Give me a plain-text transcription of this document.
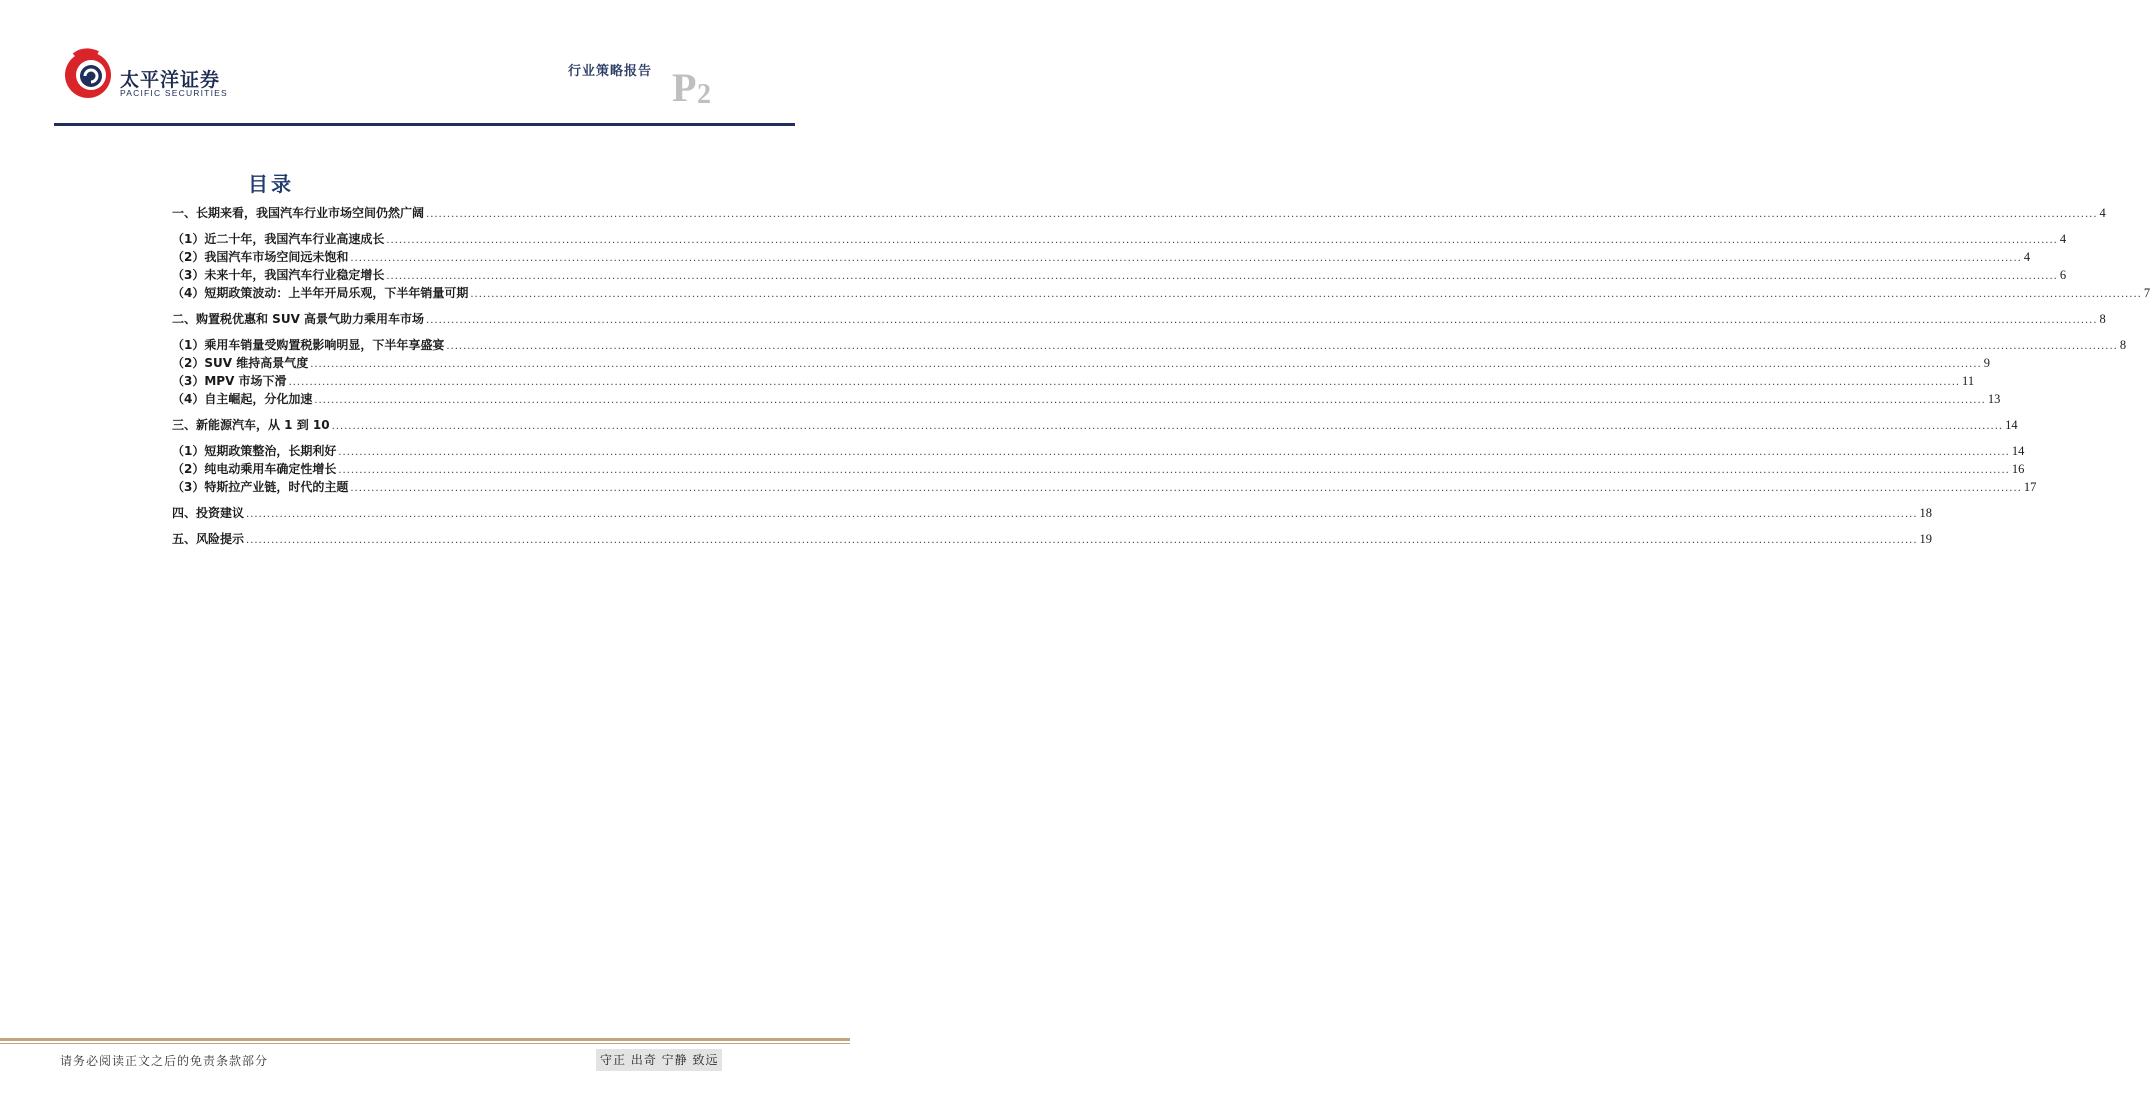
太平洋证券
PACIFIC SECURITIES
行业策略报告 P 2
目录
一、长期来看，我国汽车行业市场空间仍然广阔 ................................................................................................................................................................................................................................................................................................................................................................................................................ 4
（1）近二十年，我国汽车行业高速成长 ................................................................................................................................................................................................................................................................................................................................................................................................................ 4
（2）我国汽车市场空间远未饱和 ................................................................................................................................................................................................................................................................................................................................................................................................................ 4
（3）未来十年，我国汽车行业稳定增长 ................................................................................................................................................................................................................................................................................................................................................................................................................ 6
（4）短期政策波动：上半年开局乐观，下半年销量可期 ................................................................................................................................................................................................................................................................................................................................................................................................................ 7
二、购置税优惠和 SUV 高景气助力乘用车市场 ................................................................................................................................................................................................................................................................................................................................................................................................................ 8
（1）乘用车销量受购置税影响明显，下半年享盛宴 ................................................................................................................................................................................................................................................................................................................................................................................................................ 8
（2）SUV 维持高景气度 ................................................................................................................................................................................................................................................................................................................................................................................................................ 9
（3）MPV 市场下滑 ................................................................................................................................................................................................................................................................................................................................................................................................................ 11
（4）自主崛起，分化加速 ................................................................................................................................................................................................................................................................................................................................................................................................................ 13
三、新能源汽车，从 1 到 10 ................................................................................................................................................................................................................................................................................................................................................................................................................ 14
（1）短期政策整治，长期利好 ................................................................................................................................................................................................................................................................................................................................................................................................................ 14
（2）纯电动乘用车确定性增长 ................................................................................................................................................................................................................................................................................................................................................................................................................ 16
（3）特斯拉产业链，时代的主题 ................................................................................................................................................................................................................................................................................................................................................................................................................ 17
四、投资建议 ................................................................................................................................................................................................................................................................................................................................................................................................................ 18
五、风险提示 ................................................................................................................................................................................................................................................................................................................................................................................................................ 19
请务必阅读正文之后的免责条款部分	守正 出奇 宁静 致远
